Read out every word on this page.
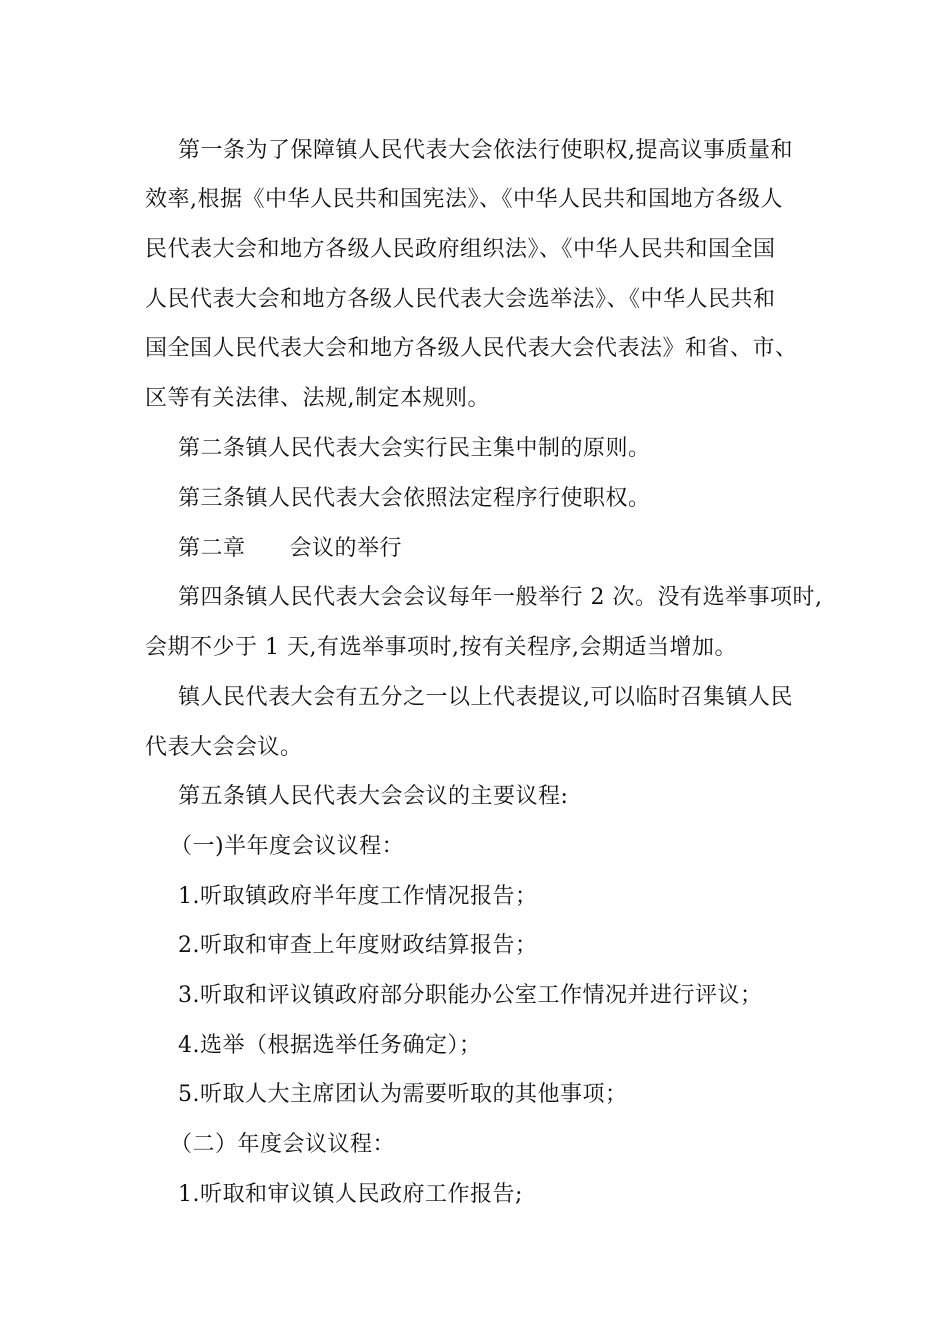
第一条为了保障镇人民代表大会依法行使职权,提高议事质量和
效率,根据《中华人民共和国宪法》、《中华人民共和国地方各级人
民代表大会和地方各级人民政府组织法》、《中华人民共和国全国
人民代表大会和地方各级人民代表大会选举法》、《中华人民共和
国全国人民代表大会和地方各级人民代表大会代表法》和省、市、
区等有关法律、法规,制定本规则。
第二条镇人民代表大会实行民主集中制的原则。
第三条镇人民代表大会依照法定程序行使职权。
第二章 会议的举行
第四条镇人民代表大会会议每年一般举行 2 次。没有选举事项时,
会期不少于 1 天,有选举事项时,按有关程序,会期适当增加。
镇人民代表大会有五分之一以上代表提议,可以临时召集镇人民
代表大会会议。
第五条镇人民代表大会会议的主要议程:
（一)半年度会议议程：
1.听取镇政府半年度工作情况报告；
2.听取和审查上年度财政结算报告；
3.听取和评议镇政府部分职能办公室工作情况并进行评议；
4.选举（根据选举任务确定）；
5.听取人大主席团认为需要听取的其他事项；
（二）年度会议议程：
1.听取和审议镇人民政府工作报告;
